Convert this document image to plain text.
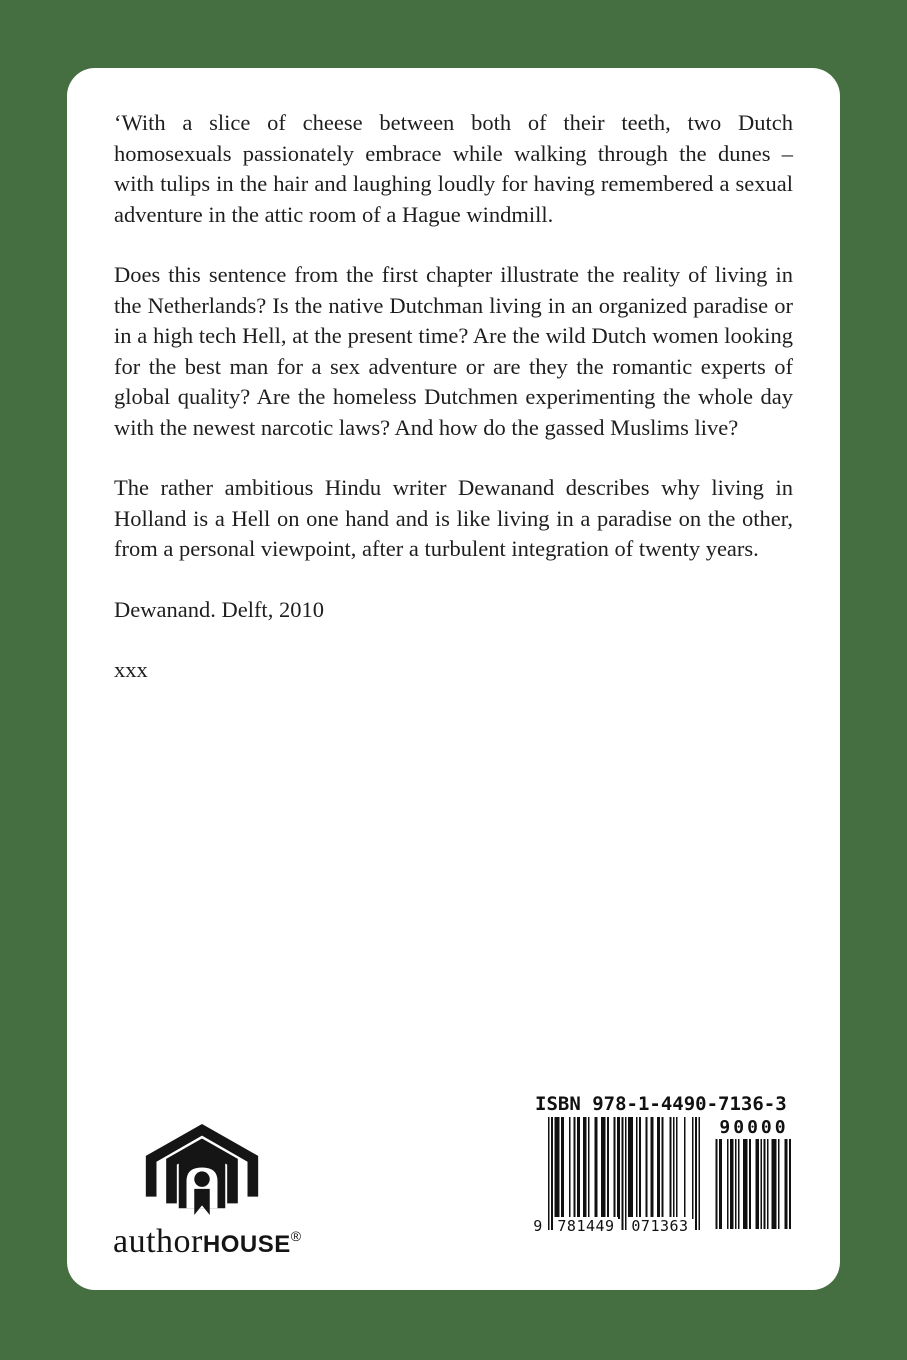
‘With a slice of cheese between both of their teeth, two Dutch homosexuals passionately embrace while walking through the dunes – with tulips in the hair and laughing loudly for having remembered a sexual adventure in the attic room of a Hague windmill.

Does this sentence from the first chapter illustrate the reality of living in the Netherlands? Is the native Dutchman living in an organized paradise or in a high tech Hell, at the present time? Are the wild Dutch women looking for the best man for a sex adventure or are they the romantic experts of global quality? Are the homeless Dutchmen experimenting the whole day with the newest narcotic laws? And how do the gassed Muslims live?

The rather ambitious Hindu writer Dewanand describes why living in Holland is a Hell on one hand and is like living in a paradise on the other, from a personal viewpoint, after a turbulent integration of twenty years.

Dewanand. Delft, 2010

xxx

authorHOUSE®
ISBN 978-1-4490-7136-3
9 781449 071363
90000
